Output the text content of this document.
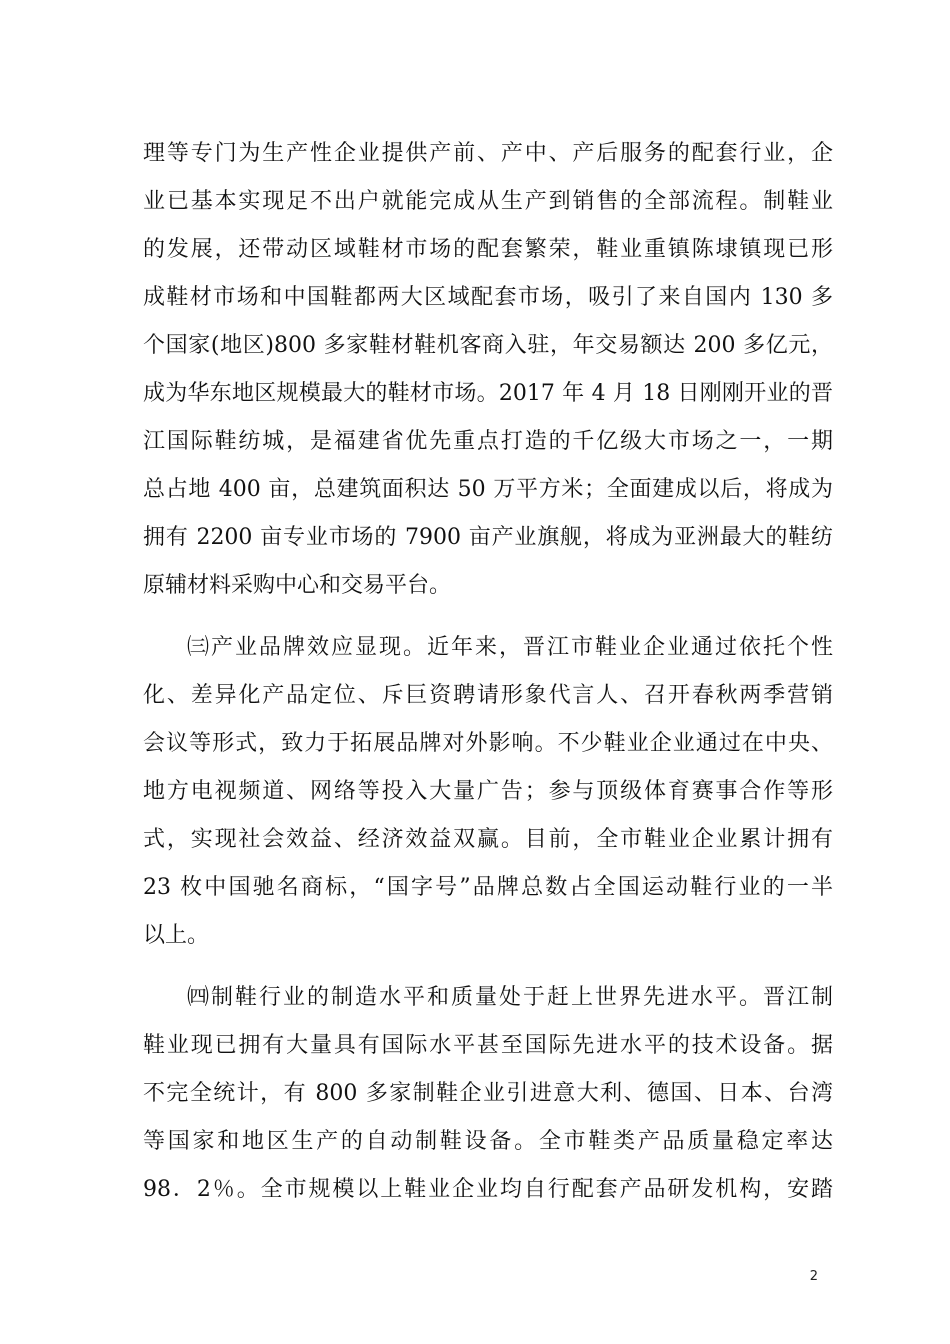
理等专门为生产性企业提供产前、产中、产后服务的配套行业，企
业已基本实现足不出户就能完成从生产到销售的全部流程。制鞋业
的发展，还带动区域鞋材市场的配套繁荣，鞋业重镇陈埭镇现已形
成鞋材市场和中国鞋都两大区域配套市场，吸引了来自国内 130 多
个国家(地区)800 多家鞋材鞋机客商入驻，年交易额达 200 多亿元，
成为华东地区规模最大的鞋材市场。2017 年 4 月 18 日刚刚开业的晋
江国际鞋纺城，是福建省优先重点打造的千亿级大市场之一，一期
总占地 400 亩，总建筑面积达 50 万平方米；全面建成以后，将成为
拥有 2200 亩专业市场的 7900 亩产业旗舰，将成为亚洲最大的鞋纺
原辅材料采购中心和交易平台。
㈢产业品牌效应显现。近年来，晋江市鞋业企业通过依托个性
化、差异化产品定位、斥巨资聘请形象代言人、召开春秋两季营销
会议等形式，致力于拓展品牌对外影响。不少鞋业企业通过在中央、
地方电视频道、网络等投入大量广告；参与顶级体育赛事合作等形
式，实现社会效益、经济效益双赢。目前，全市鞋业企业累计拥有
23 枚中国驰名商标，“国字号”品牌总数占全国运动鞋行业的一半
以上。
㈣制鞋行业的制造水平和质量处于赶上世界先进水平。晋江制
鞋业现已拥有大量具有国际水平甚至国际先进水平的技术设备。据
不完全统计，有 800 多家制鞋企业引进意大利、德国、日本、台湾
等国家和地区生产的自动制鞋设备。全市鞋类产品质量稳定率达
98．2％。全市规模以上鞋业企业均自行配套产品研发机构，安踏
2
